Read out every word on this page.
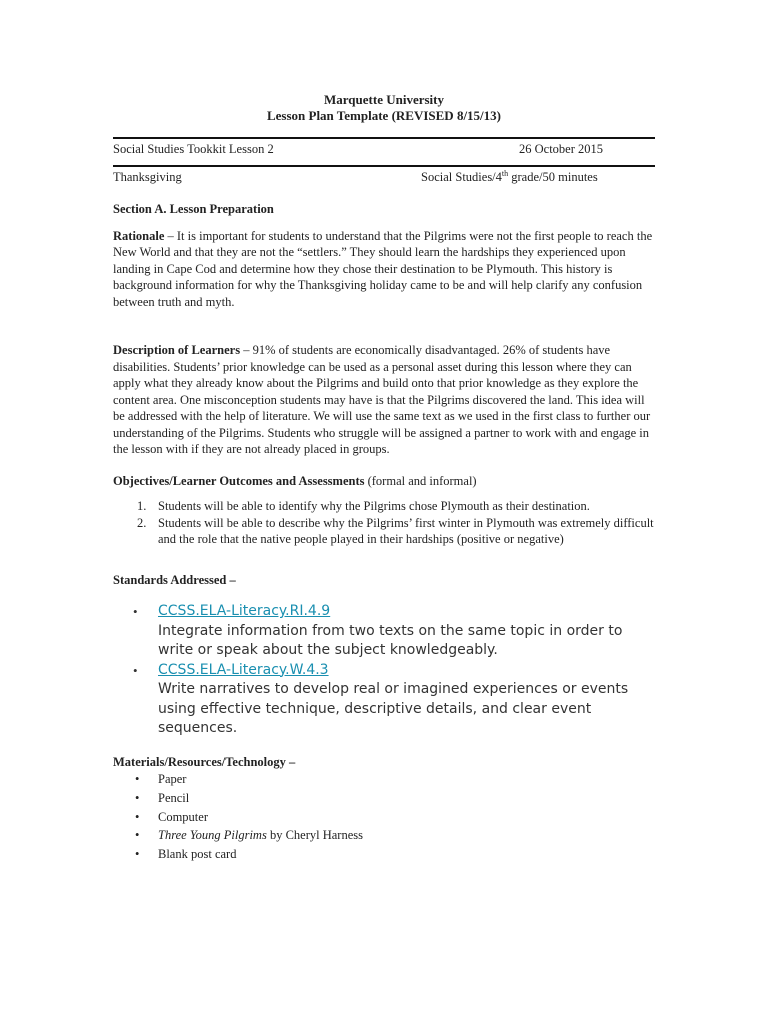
Marquette University
Lesson Plan Template (REVISED 8/15/13)
Social Studies Tookkit Lesson 2	26 October 2015
Thanksgiving	Social Studies/4th grade/50 minutes
Section A. Lesson Preparation

Rationale – It is important for students to understand that the Pilgrims were not the first people to reach the New World and that they are not the “settlers.” They should learn the hardships they experienced upon landing in Cape Cod and determine how they chose their destination to be Plymouth. This history is background information for why the Thanksgiving holiday came to be and will help clarify any confusion between truth and myth.

Description of Learners – 91% of students are economically disadvantaged. 26% of students have disabilities. Students’ prior knowledge can be used as a personal asset during this lesson where they can apply what they already know about the Pilgrims and build onto that prior knowledge as they explore the content area. One misconception students may have is that the Pilgrims discovered the land. This idea will be addressed with the help of literature. We will use the same text as we used in the first class to further our understanding of the Pilgrims. Students who struggle will be assigned a partner to work with and engage in the lesson with if they are not already placed in groups.

Objectives/Learner Outcomes and Assessments (formal and informal)

1. Students will be able to identify why the Pilgrims chose Plymouth as their destination.
2. Students will be able to describe why the Pilgrims’ first winter in Plymouth was extremely difficult and the role that the native people played in their hardships (positive or negative)
Standards Addressed –
• CCSS.ELA-Literacy.RI.4.9
Integrate information from two texts on the same topic in order to write or speak about the subject knowledgeably.
• CCSS.ELA-Literacy.W.4.3
Write narratives to develop real or imagined experiences or events using effective technique, descriptive details, and clear event sequences.
Materials/Resources/Technology –
• Paper
• Pencil
• Computer
• Three Young Pilgrims by Cheryl Harness
• Blank post card
